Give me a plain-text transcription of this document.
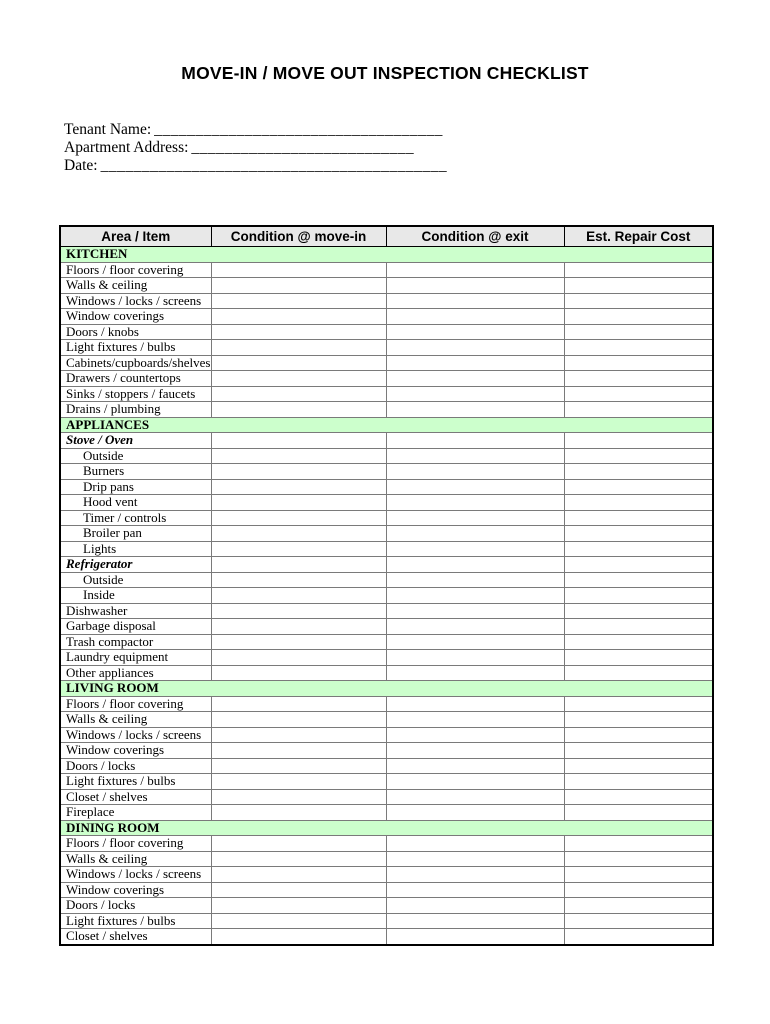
MOVE-IN / MOVE OUT INSPECTION CHECKLIST
Tenant Name: ___________________________________
Apartment Address: ___________________________
Date: __________________________________________
Area / Item	Condition @ move-in	Condition @ exit	Est. Repair Cost
KITCHEN			
Floors / floor covering			
Walls & ceiling			
Windows / locks / screens			
Window coverings			
Doors / knobs			
Light fixtures / bulbs			
Cabinets/cupboards/shelves			
Drawers / countertops			
Sinks / stoppers / faucets			
Drains / plumbing			
APPLIANCES			
Stove / Oven			
Outside			
Burners			
Drip pans			
Hood vent			
Timer / controls			
Broiler pan			
Lights			
Refrigerator			
Outside			
Inside			
Dishwasher			
Garbage disposal			
Trash compactor			
Laundry equipment			
Other appliances			
LIVING ROOM			
Floors / floor covering			
Walls & ceiling			
Windows / locks / screens			
Window coverings			
Doors / locks			
Light fixtures / bulbs			
Closet / shelves			
Fireplace			
DINING ROOM			
Floors / floor covering			
Walls & ceiling			
Windows / locks / screens			
Window coverings			
Doors / locks			
Light fixtures / bulbs			
Closet / shelves			
